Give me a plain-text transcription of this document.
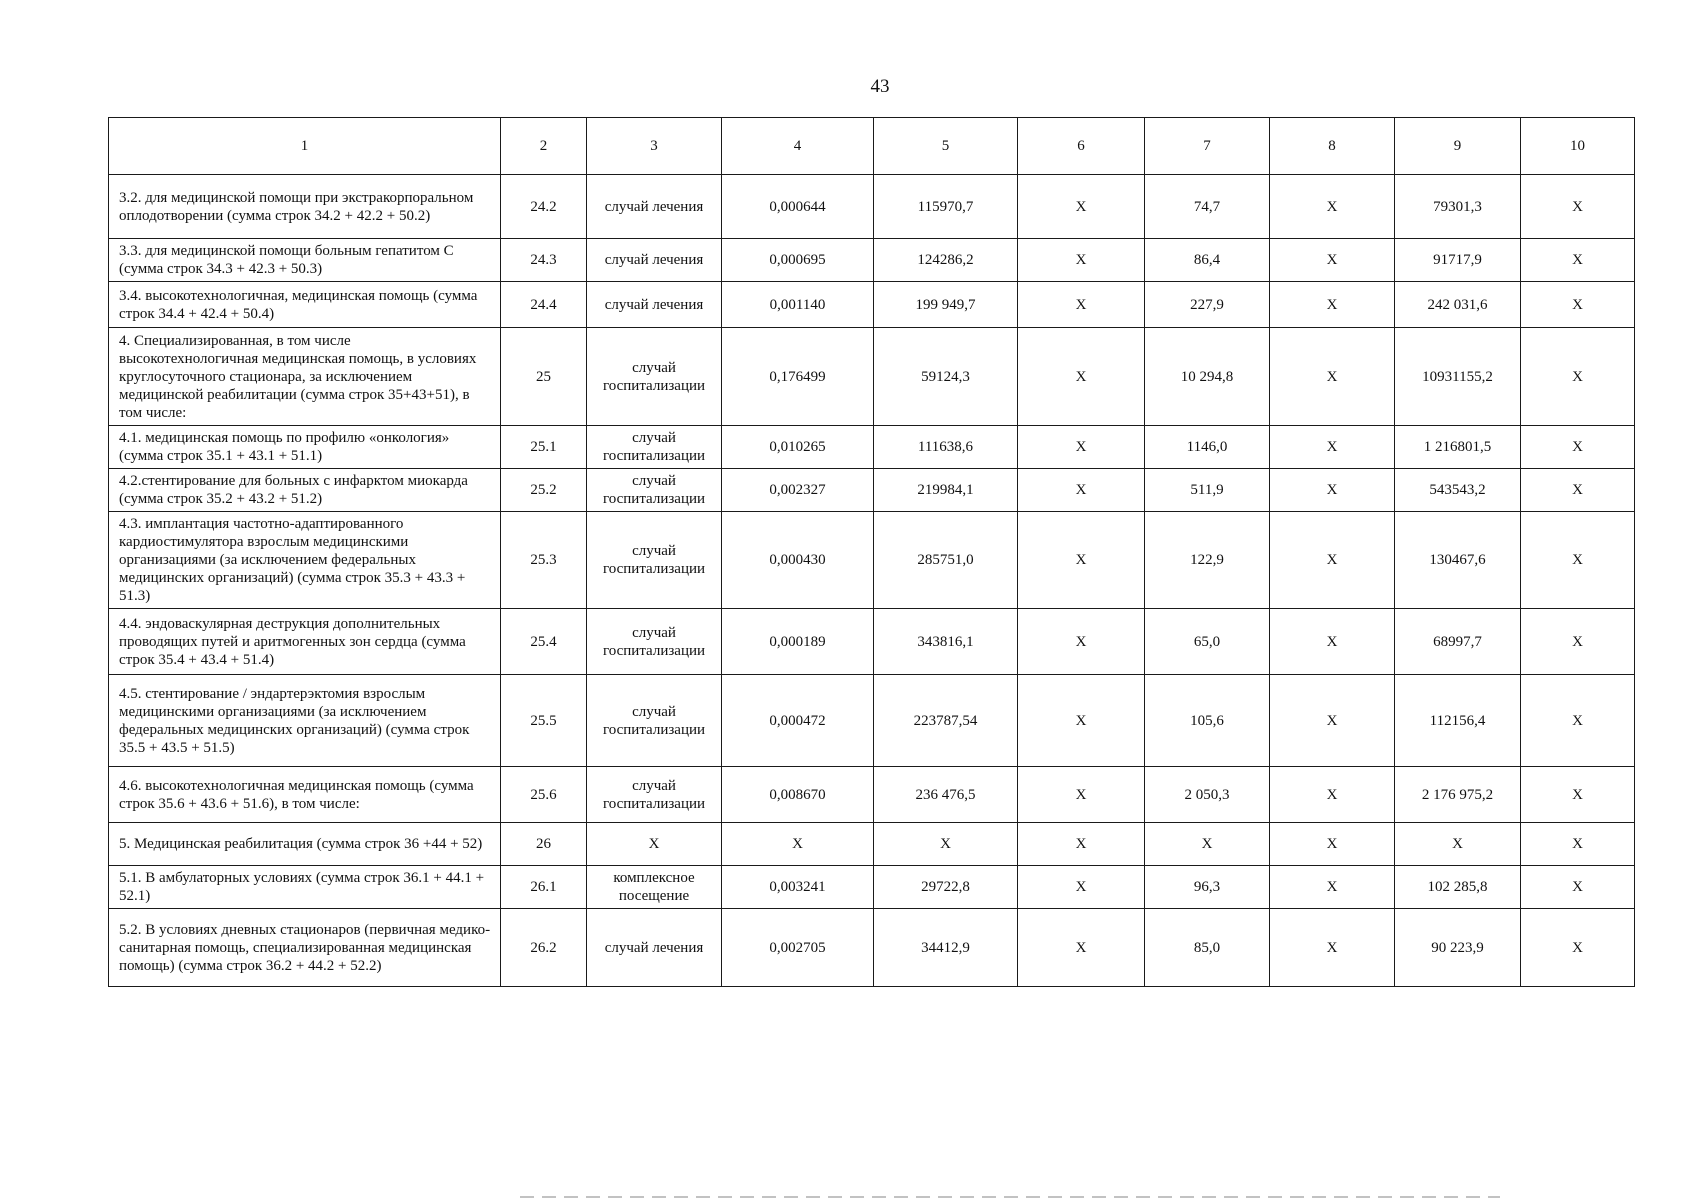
43
1	2	3	4	5	6	7	8	9	10
3.2. для медицинской помощи при экстракорпоральном оплодотворении (сумма строк 34.2 + 42.2 + 50.2)	24.2	случай лечения	0,000644	115970,7	X	74,7	X	79301,3	X
3.3. для медицинской помощи больным гепатитом С (сумма строк 34.3 + 42.3 + 50.3)	24.3	случай лечения	0,000695	124286,2	X	86,4	X	91717,9	X
3.4. высокотехнологичная, медицинская помощь (сумма строк 34.4 + 42.4 + 50.4)	24.4	случай лечения	0,001140	199 949,7	X	227,9	X	242 031,6	X
4. Специализированная, в том числе высокотехнологичная медицинская помощь, в условиях круглосуточного стационара, за исключением медицинской реабилитации (сумма строк 35+43+51), в том числе:	25	случай госпитализации	0,176499	59124,3	X	10 294,8	X	10931155,2	X
4.1. медицинская помощь по профилю «онкология» (сумма строк 35.1 + 43.1 + 51.1)	25.1	случай госпитализации	0,010265	111638,6	X	1146,0	X	1 216801,5	X
4.2.стентирование для больных с инфарктом миокарда (сумма строк 35.2 + 43.2 + 51.2)	25.2	случай госпитализации	0,002327	219984,1	X	511,9	X	543543,2	X
4.3. имплантация частотно-адаптированного кардиостимулятора взрослым медицинскими организациями (за исключением федеральных медицинских организаций) (сумма строк 35.3 + 43.3 + 51.3)	25.3	случай госпитализации	0,000430	285751,0	X	122,9	X	130467,6	X
4.4. эндоваскулярная деструкция дополнительных проводящих путей и аритмогенных зон сердца (сумма строк 35.4 + 43.4 + 51.4)	25.4	случай госпитализации	0,000189	343816,1	X	65,0	X	68997,7	X
4.5. стентирование / эндартерэктомия взрослым медицинскими организациями (за исключением федеральных медицинских организаций) (сумма строк 35.5 + 43.5 + 51.5)	25.5	случай госпитализации	0,000472	223787,54	X	105,6	X	112156,4	X
4.6. высокотехнологичная медицинская помощь (сумма строк 35.6 + 43.6 + 51.6), в том числе:	25.6	случай госпитализации	0,008670	236 476,5	X	2 050,3	X	2 176 975,2	X
5. Медицинская реабилитация (сумма строк 36 +44 + 52)	26	X	X	X	X	X	X	X	X
5.1. В амбулаторных условиях (сумма строк 36.1 + 44.1 + 52.1)	26.1	комплексное посещение	0,003241	29722,8	X	96,3	X	102 285,8	X
5.2. В условиях дневных стационаров (первичная медико-санитарная помощь, специализированная медицинская помощь) (сумма строк 36.2 + 44.2 + 52.2)	26.2	случай лечения	0,002705	34412,9	X	85,0	X	90 223,9	X
